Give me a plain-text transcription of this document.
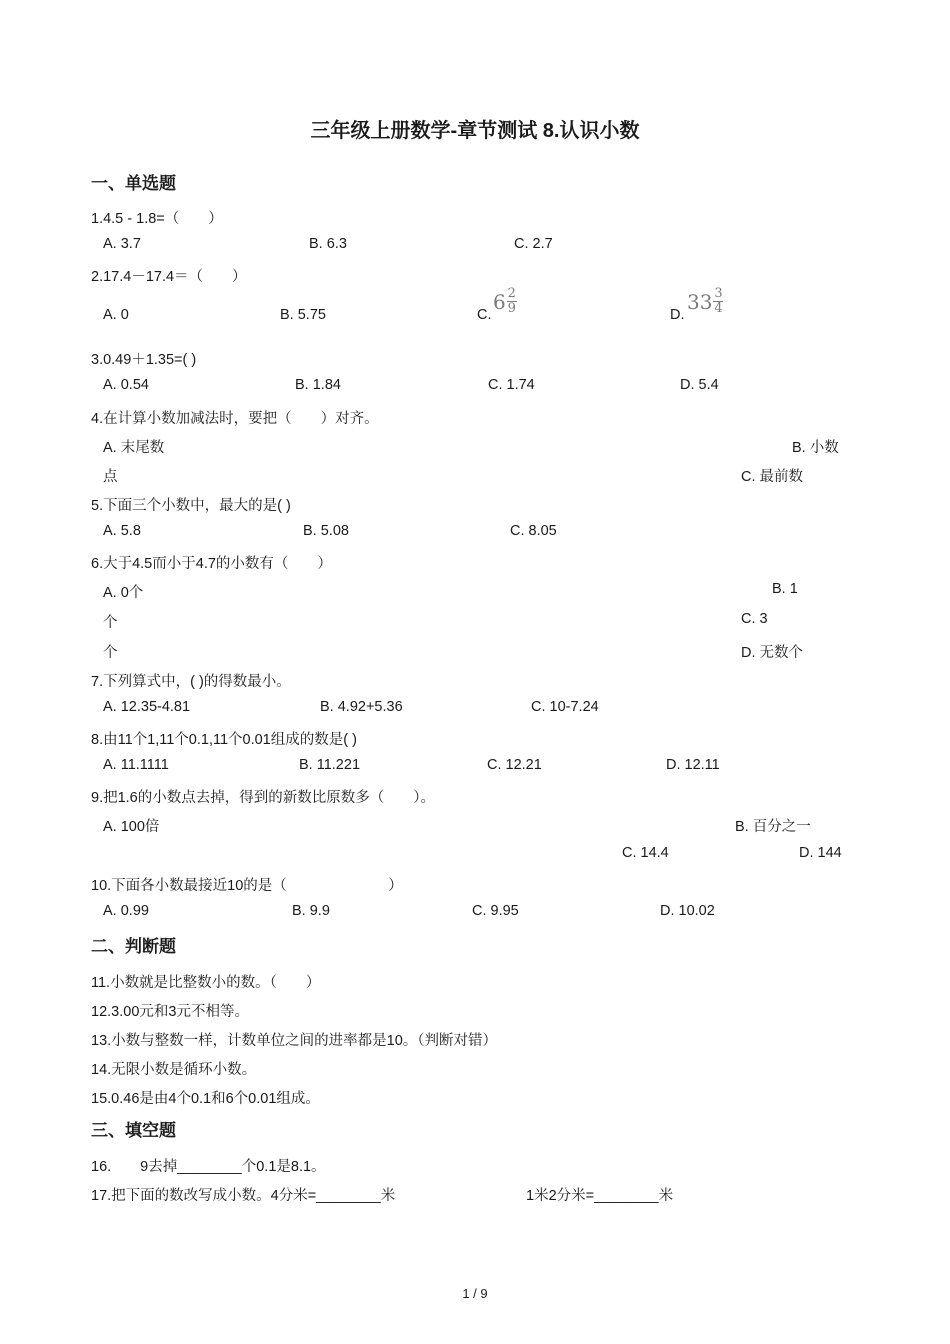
三年级上册数学-章节测试 8.认识小数
一、单选题
1.4.5 - 1.8=（　　）
A. 3.7	B. 6.3	C. 2.7
2.17.4－17.4＝（　　）
A. 0	B. 5.75	C.
6 2
9	D.
33 3
4
3.0.49＋1.35=( )
A. 0.54	B. 1.84	C. 1.74	D. 5.4
4.在计算小数加减法时，要把（　　）对齐。
A. 末尾数	B. 小数
点	C. 最前数
5.下面三个小数中，最大的是( )
A. 5.8	B. 5.08	C. 8.05
6.大于4.5而小于4.7的小数有（　　）
A. 0个	B. 1
个	C. 3
个	D. 无数个
7.下列算式中，( )的得数最小。
A. 12.35-4.81	B. 4.92+5.36	C. 10-7.24
8.由11个1,11个0.1,11个0.01组成的数是( )
A. 11.1111	B. 11.221	C. 12.21	D. 12.11
9.把1.6的小数点去掉，得到的新数比原数多（　　）。
A. 100倍	B. 百分之一
C. 14.4	D. 144
10.下面各小数最接近10的是（　　　　　　　）
A. 0.99	B. 9.9	C. 9.95	D. 10.02
二、判断题
11.小数就是比整数小的数。（　　）
12.3.00元和3元不相等。
13.小数与整数一样，计数单位之间的进率都是10。（判断对错）
14.无限小数是循环小数。
15.0.46是由4个0.1和6个0.01组成。
三、填空题
16.　　9去掉________个0.1是8.1。
17.把下面的数改写成小数。4分米=________米	1米2分米=________米
1 / 9
